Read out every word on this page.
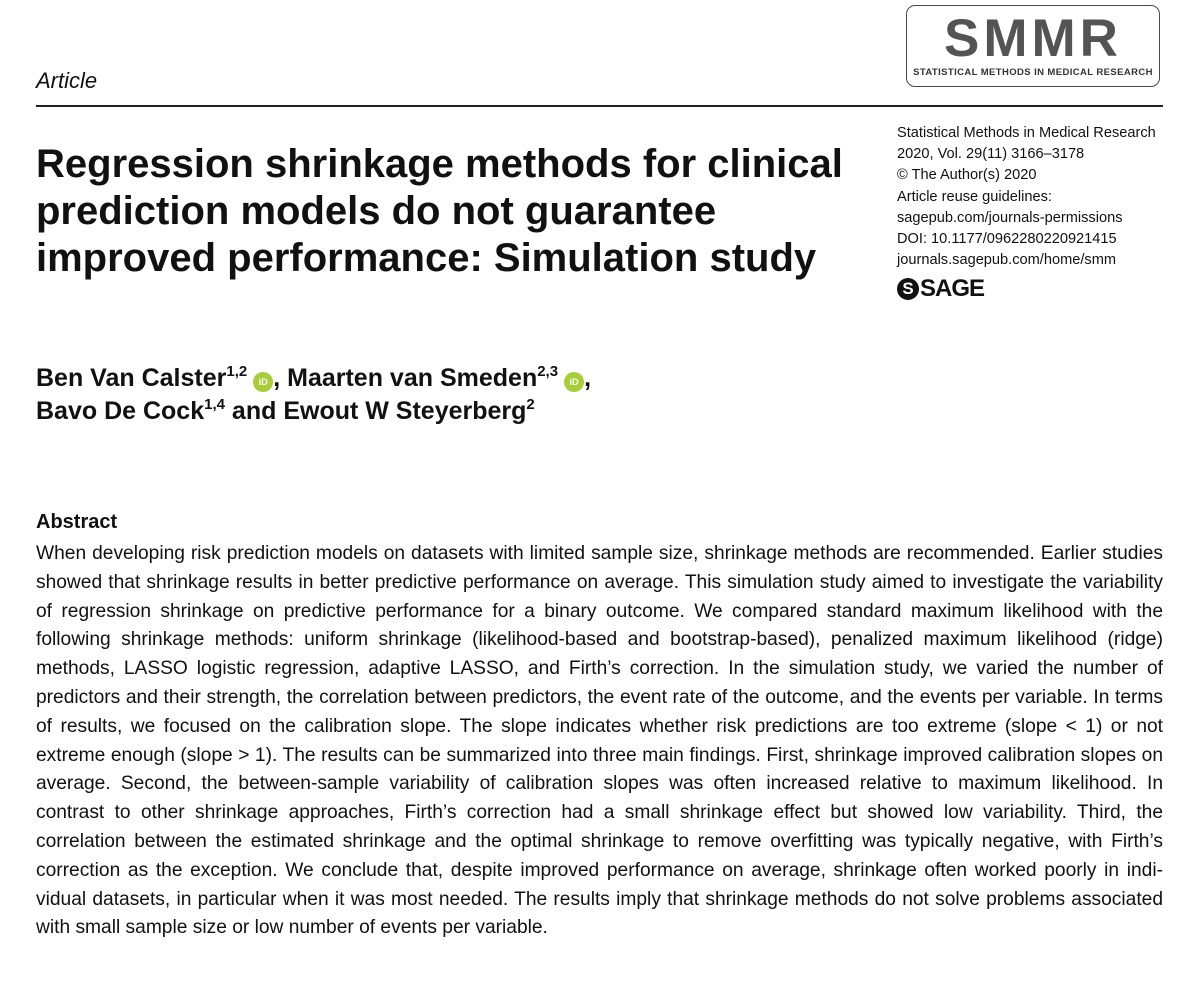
Article
SMMR
STATISTICAL METHODS IN MEDICAL RESEARCH
Regression shrinkage methods for clinical prediction models do not guarantee improved performance: Simulation study
Statistical Methods in Medical Research
2020, Vol. 29(11) 3166–3178
© The Author(s) 2020
Article reuse guidelines:
sagepub.com/journals-permissions
DOI: 10.1177/0962280220921415
journals.sagepub.com/home/smm
S SAGE
Ben Van Calster$^{1,2}$iD , Maarten van Smeden$^{2,3}$iD ,
Bavo De Cock$^{1,4}$ and Ewout W Steyerberg$^2$
Abstract

When developing risk prediction models on datasets with limited sample size, shrinkage methods are recommended. Earlier studies showed that shrinkage results in better predictive performance on average. This simulation study aimed to investigate the variability of regression shrinkage on predictive performance for a binary outcome. We compared standard maximum likelihood with the following shrinkage methods: uniform shrinkage (likelihood-based and bootstrap-based), penalized maximum likelihood (ridge) methods, LASSO logistic regression, adaptive LASSO, and Firth’s correction. In the simulation study, we varied the number of predictors and their strength, the correlation between predictors, the event rate of the outcome, and the events per variable. In terms of results, we focused on the calibration slope. The slope indicates whether risk predictions are too extreme (slope < 1) or not extreme enough (slope > 1). The results can be summarized into three main findings. First, shrinkage improved calibration slopes on average. Second, the between-sample variability of calibration slopes was often increased relative to maximum likelihood. In contrast to other shrinkage approaches, Firth’s correction had a small shrinkage effect but showed low variability. Third, the correlation between the estimated shrinkage and the optimal shrinkage to remove overfitting was typically negative, with Firth’s correction as the exception. We conclude that, despite improved performance on average, shrinkage often worked poorly in individual datasets, in particular when it was most needed. The results imply that shrinkage methods do not solve problems associated with small sample size or low number of events per variable.
